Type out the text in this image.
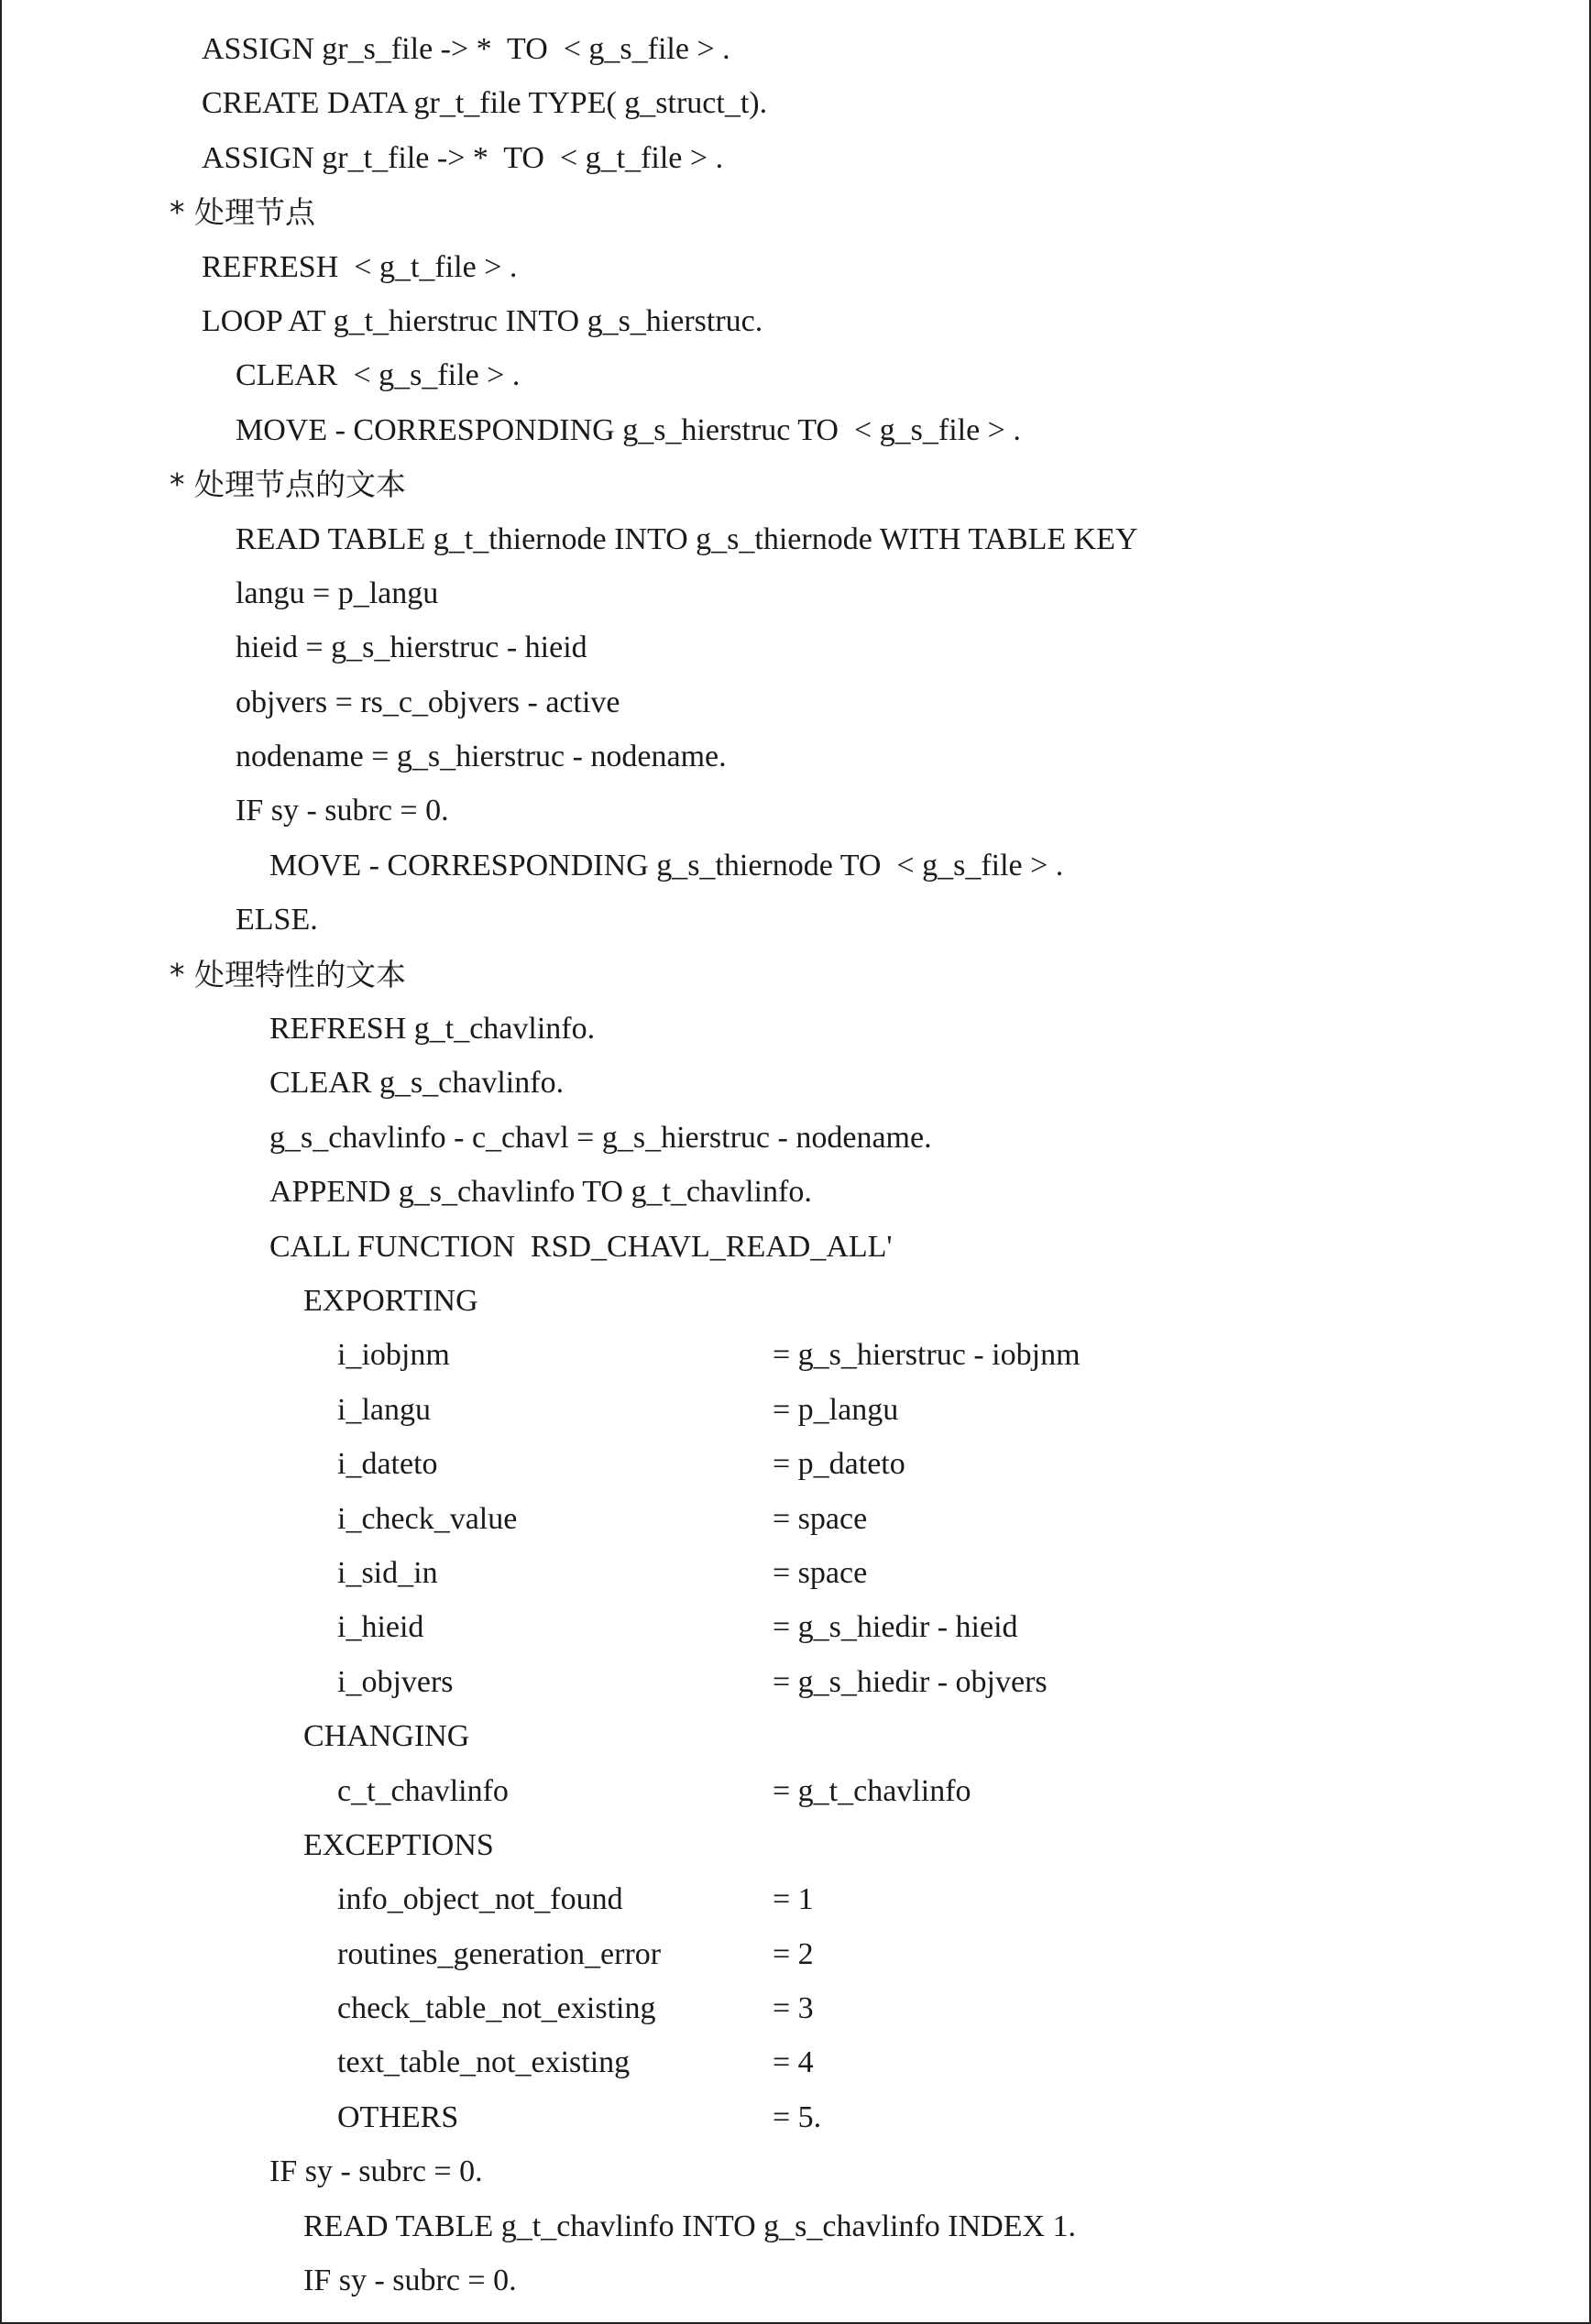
ASSIGN gr_s_file -> *  TO  < g_s_file > .
CREATE DATA gr_t_file TYPE( g_struct_t).
ASSIGN gr_t_file -> *  TO  < g_t_file > .
* 处理节点
REFRESH  < g_t_file > .
LOOP AT g_t_hierstruc INTO g_s_hierstruc.
CLEAR  < g_s_file > .
MOVE - CORRESPONDING g_s_hierstruc TO  < g_s_file > .
* 处理节点的文本
READ TABLE g_t_thiernode INTO g_s_thiernode WITH TABLE KEY
langu = p_langu
hieid = g_s_hierstruc - hieid
objvers = rs_c_objvers - active
nodename = g_s_hierstruc - nodename.
IF sy - subrc = 0.
MOVE - CORRESPONDING g_s_thiernode TO  < g_s_file > .
ELSE.
* 处理特性的文本
REFRESH g_t_chavlinfo.
CLEAR g_s_chavlinfo.
g_s_chavlinfo - c_chavl = g_s_hierstruc - nodename.
APPEND g_s_chavlinfo TO g_t_chavlinfo.
CALL FUNCTION  RSD_CHAVL_READ_ALL'
EXPORTING
i_iobjnm	= g_s_hierstruc - iobjnm
i_langu	= p_langu
i_dateto	= p_dateto
i_check_value	= space
i_sid_in	= space
i_hieid	= g_s_hiedir - hieid
i_objvers	= g_s_hiedir - objvers
CHANGING
c_t_chavlinfo	= g_t_chavlinfo
EXCEPTIONS
info_object_not_found	= 1
routines_generation_error	= 2
check_table_not_existing	= 3
text_table_not_existing	= 4
OTHERS	= 5.
IF sy - subrc = 0.
READ TABLE g_t_chavlinfo INTO g_s_chavlinfo INDEX 1.
IF sy - subrc = 0.
